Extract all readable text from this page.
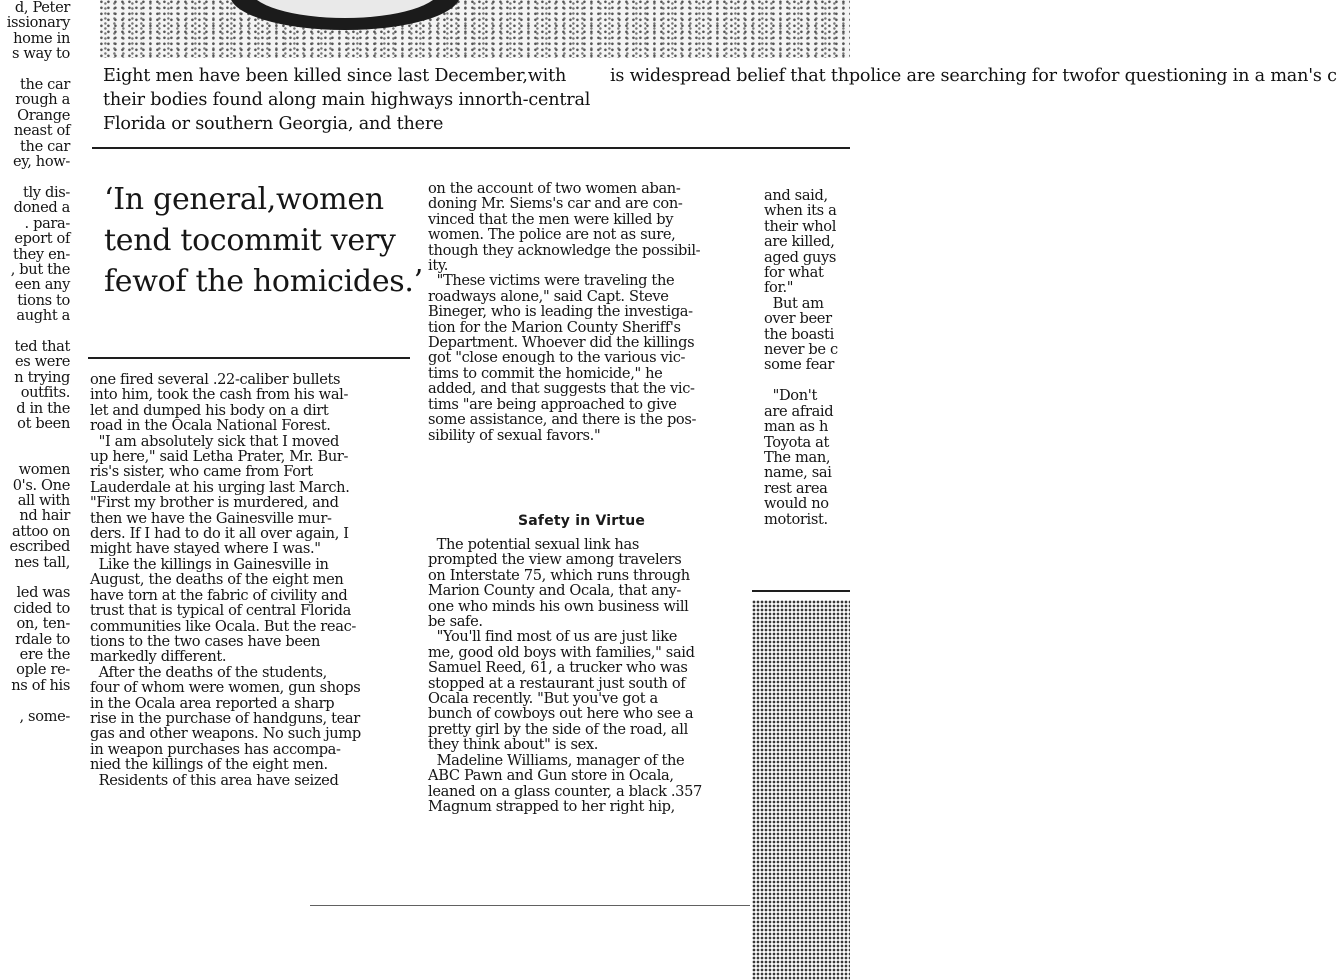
d, Peter
issionary
home in
s way to

the car
rough a
Orange
neast of
the car
ey, how-

tly dis-
doned a
. para-
eport of
they en-
, but the
een any
tions to
aught a

ted that
es were
n trying
outfits.
d in the
ot been

women
0's. One
all with
nd hair
attoo on
escribed
nes tall,

led was
cided to
on, ten-
rdale to
ere the
ople re-
ns of his

, some-
Eight men have been killed since last December,with their bodies found along main highways innorth-central Florida or southern Georgia, and there
is widespread belief that thpolice are searching for twofor questioning in a man's c
‘In general,women tend tocommit very fewof the homicides.’
one fired several .22-caliber bullets
into him, took the cash from his wal-
let and dumped his body on a dirt
road in the Ocala National Forest.
"I am absolutely sick that I moved
up here," said Letha Prater, Mr. Bur-
ris's sister, who came from Fort
Lauderdale at his urging last March.
"First my brother is murdered, and
then we have the Gainesville mur-
ders. If I had to do it all over again, I
might have stayed where I was."
Like the killings in Gainesville in
August, the deaths of the eight men
have torn at the fabric of civility and
trust that is typical of central Florida
communities like Ocala. But the reac-
tions to the two cases have been
markedly different.
After the deaths of the students,
four of whom were women, gun shops
in the Ocala area reported a sharp
rise in the purchase of handguns, tear
gas and other weapons. No such jump
in weapon purchases has accompa-
nied the killings of the eight men.
Residents of this area have seized
on the account of two women aban-
doning Mr. Siems's car and are con-
vinced that the men were killed by
women. The police are not as sure,
though they acknowledge the possibil-
ity.
"These victims were traveling the
roadways alone," said Capt. Steve
Bineger, who is leading the investiga-
tion for the Marion County Sheriff's
Department. Whoever did the killings
got "close enough to the various vic-
tims to commit the homicide," he
added, and that suggests that the vic-
tims "are being approached to give
some assistance, and there is the pos-
sibility of sexual favors."
Safety in Virtue
The potential sexual link has
prompted the view among travelers
on Interstate 75, which runs through
Marion County and Ocala, that any-
one who minds his own business will
be safe.
"You'll find most of us are just like
me, good old boys with families," said
Samuel Reed, 61, a trucker who was
stopped at a restaurant just south of
Ocala recently. "But you've got a
bunch of cowboys out here who see a
pretty girl by the side of the road, all
they think about" is sex.
Madeline Williams, manager of the
ABC Pawn and Gun store in Ocala,
leaned on a glass counter, a black .357
Magnum strapped to her right hip,
and said,
when its a
their whol
are killed,
aged guys
for what
for."
But am
over beer
the boasti
never be c
some fear

"Don't
are afraid
man as h
Toyota at
The man,
name, sai
rest area
would no
motorist.
